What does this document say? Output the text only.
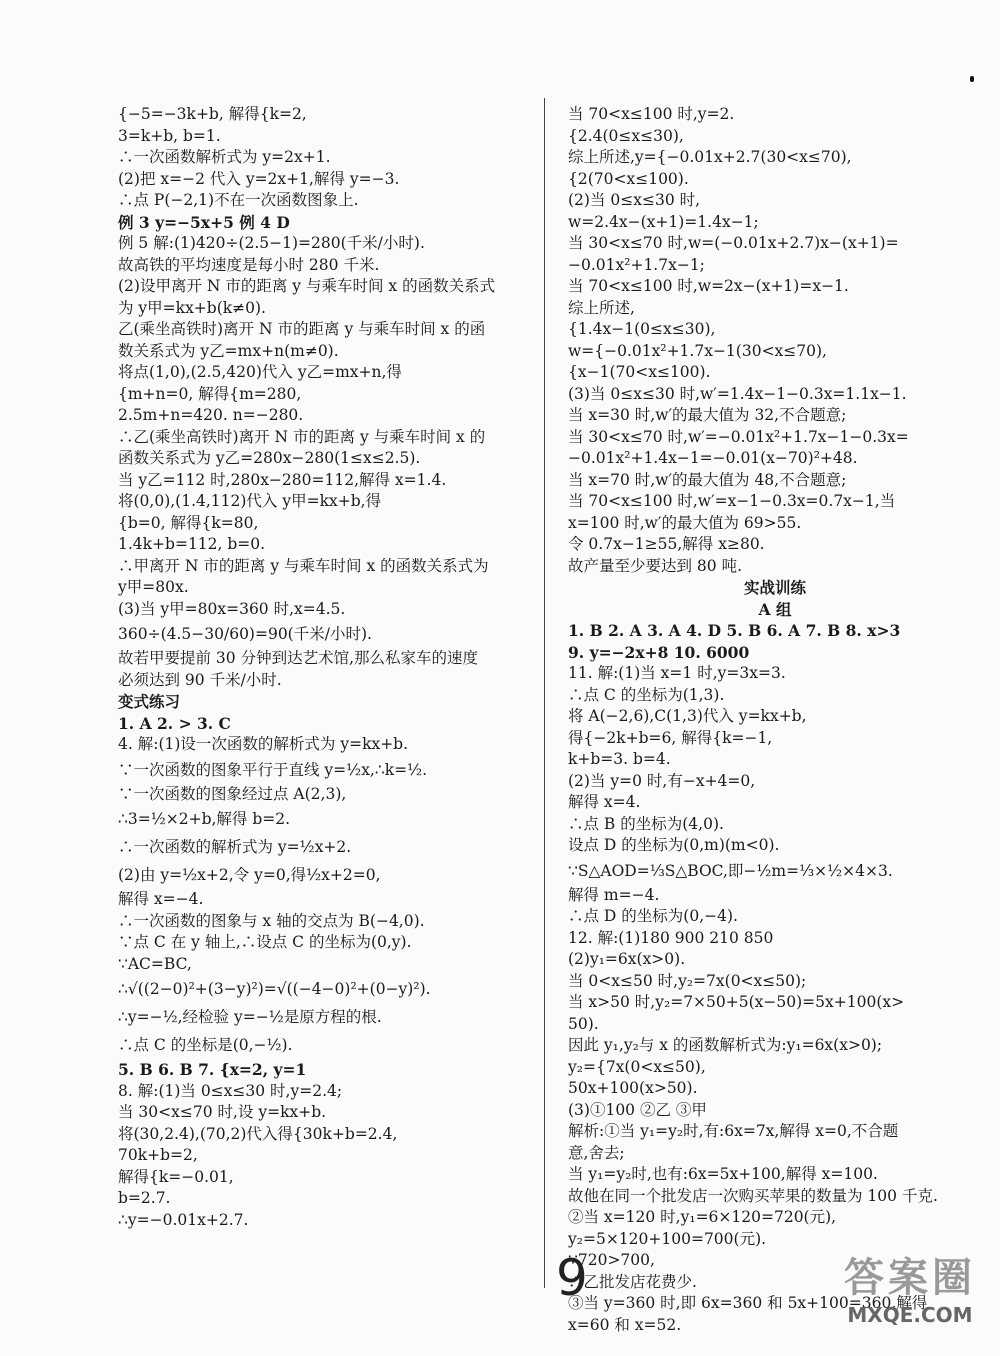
{−5=−3k+b, 解得{k=2,
3=k+b, b=1.
∴一次函数解析式为 y=2x+1.
(2)把 x=−2 代入 y=2x+1,解得 y=−3.
∴点 P(−2,1)不在一次函数图象上.
例 3 y=−5x+5 例 4 D
例 5 解:(1)420÷(2.5−1)=280(千米/小时).
故高铁的平均速度是每小时 280 千米.
(2)设甲离开 N 市的距离 y 与乘车时间 x 的函数关系式
为 y甲=kx+b(k≠0).
乙(乘坐高铁时)离开 N 市的距离 y 与乘车时间 x 的函
数关系式为 y乙=mx+n(m≠0).
将点(1,0),(2.5,420)代入 y乙=mx+n,得
{m+n=0, 解得{m=280,
2.5m+n=420. n=−280.
∴乙(乘坐高铁时)离开 N 市的距离 y 与乘车时间 x 的
函数关系式为 y乙=280x−280(1≤x≤2.5).
当 y乙=112 时,280x−280=112,解得 x=1.4.
将(0,0),(1.4,112)代入 y甲=kx+b,得
{b=0, 解得{k=80,
1.4k+b=112, b=0.
∴甲离开 N 市的距离 y 与乘车时间 x 的函数关系式为
y甲=80x.
(3)当 y甲=80x=360 时,x=4.5.
360÷(4.5−30/60)=90(千米/小时).
故若甲要提前 30 分钟到达艺术馆,那么私家车的速度
必须达到 90 千米/小时.
变式练习
1. A 2. > 3. C
4. 解:(1)设一次函数的解析式为 y=kx+b.
∵一次函数的图象平行于直线 y=½x,∴k=½.
∵一次函数的图象经过点 A(2,3),
∴3=½×2+b,解得 b=2.
∴一次函数的解析式为 y=½x+2.
(2)由 y=½x+2,令 y=0,得½x+2=0,
解得 x=−4.
∴一次函数的图象与 x 轴的交点为 B(−4,0).
∵点 C 在 y 轴上,∴设点 C 的坐标为(0,y).
∵AC=BC,
∴√((2−0)²+(3−y)²)=√((−4−0)²+(0−y)²).
∴y=−½,经检验 y=−½是原方程的根.
∴点 C 的坐标是(0,−½).
5. B 6. B 7. {x=2, y=1
8. 解:(1)当 0≤x≤30 时,y=2.4;
当 30<x≤70 时,设 y=kx+b.
将(30,2.4),(70,2)代入得{30k+b=2.4,
70k+b=2,
解得{k=−0.01,
b=2.7.
∴y=−0.01x+2.7.
当 70<x≤100 时,y=2.
{2.4(0≤x≤30),
综上所述,y={−0.01x+2.7(30<x≤70),
{2(70<x≤100).
(2)当 0≤x≤30 时,
w=2.4x−(x+1)=1.4x−1;
当 30<x≤70 时,w=(−0.01x+2.7)x−(x+1)=
−0.01x²+1.7x−1;
当 70<x≤100 时,w=2x−(x+1)=x−1.
综上所述,
{1.4x−1(0≤x≤30),
w={−0.01x²+1.7x−1(30<x≤70),
{x−1(70<x≤100).
(3)当 0≤x≤30 时,w′=1.4x−1−0.3x=1.1x−1.
当 x=30 时,w′的最大值为 32,不合题意;
当 30<x≤70 时,w′=−0.01x²+1.7x−1−0.3x=
−0.01x²+1.4x−1=−0.01(x−70)²+48.
当 x=70 时,w′的最大值为 48,不合题意;
当 70<x≤100 时,w′=x−1−0.3x=0.7x−1,当
x=100 时,w′的最大值为 69>55.
令 0.7x−1≥55,解得 x≥80.
故产量至少要达到 80 吨.
实战训练
A 组
1. B 2. A 3. A 4. D 5. B 6. A 7. B 8. x>3
9. y=−2x+8 10. 6000
11. 解:(1)当 x=1 时,y=3x=3.
∴点 C 的坐标为(1,3).
将 A(−2,6),C(1,3)代入 y=kx+b,
得{−2k+b=6, 解得{k=−1,
k+b=3. b=4.
(2)当 y=0 时,有−x+4=0,
解得 x=4.
∴点 B 的坐标为(4,0).
设点 D 的坐标为(0,m)(m<0).
∵S△AOD=⅓S△BOC,即−½m=⅓×½×4×3.
解得 m=−4.
∴点 D 的坐标为(0,−4).
12. 解:(1)180 900 210 850
(2)y₁=6x(x>0).
当 0<x≤50 时,y₂=7x(0<x≤50);
当 x>50 时,y₂=7×50+5(x−50)=5x+100(x>
50).
因此 y₁,y₂与 x 的函数解析式为:y₁=6x(x>0);
y₂={7x(0<x≤50),
50x+100(x>50).
(3)①100 ②乙 ③甲
解析:①当 y₁=y₂时,有:6x=7x,解得 x=0,不合题
意,舍去;
当 y₁=y₂时,也有:6x=5x+100,解得 x=100.
故他在同一个批发店一次购买苹果的数量为 100 千克.
②当 x=120 时,y₁=6×120=720(元),
y₂=5×120+100=700(元).
∵720>700,
∴乙批发店花费少.
③当 y=360 时,即 6x=360 和 5x+100=360,解得
x=60 和 x=52.
9	答案圈
MXQE.COM
